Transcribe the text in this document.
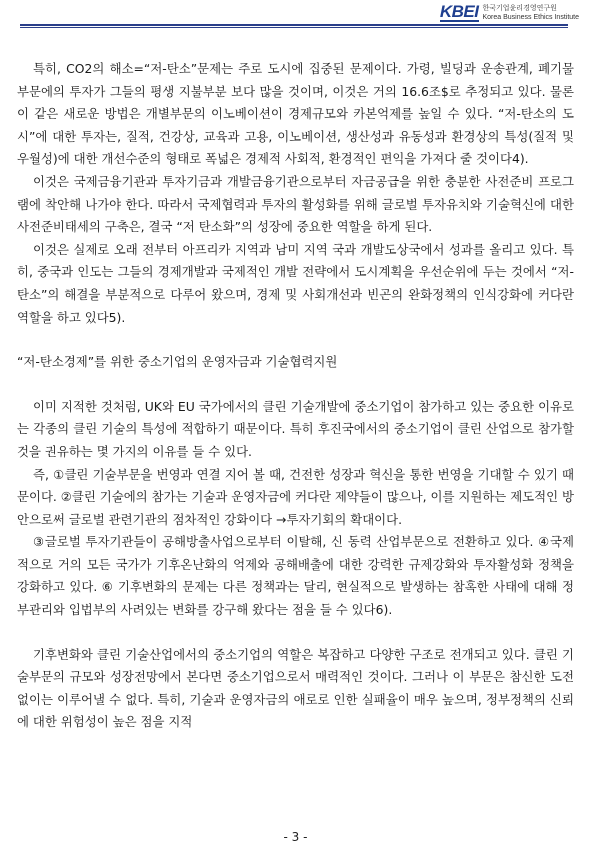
KBEI 한국기업윤리경영연구원
Korea Business Ethics Institute

특히, CO2의 해소=“저-탄소”문제는 주로 도시에 집중된 문제이다. 가령, 빌딩과 운송관계, 폐기물 부문에의 투자가 그들의 평생 지불부분 보다 많을 것이며, 이것은 거의 16.6조$로 추정되고 있다. 물론 이 같은 새로운 방법은 개별부문의 이노베이션이 경제규모와 카본억제를 높일 수 있다. “저-탄소의 도시”에 대한 투자는, 질적, 건강상, 교육과 고용, 이노베이션, 생산성과 유동성과 환경상의 특성(질적 및 우월성)에 대한 개선수준의 형태로 폭넓은 경제적 사회적, 환경적인 편익을 가져다 줄 것이다4).

이것은 국제금융기관과 투자기금과 개발금융기관으로부터 자금공급을 위한 충분한 사전준비 프로그램에 착안해 나가야 한다. 따라서 국제협력과 투자의 활성화를 위해 글로벌 투자유치와 기술혁신에 대한 사전준비태세의 구축은, 결국 “저 탄소화”의 성장에 중요한 역할을 하게 된다.

이것은 실제로 오래 전부터 아프리카 지역과 남미 지역 국과 개발도상국에서 성과를 올리고 있다. 특히, 중국과 인도는 그들의 경제개발과 국제적인 개발 전략에서 도시계획을 우선순위에 두는 것에서 “저-탄소”의 해결을 부분적으로 다루어 왔으며, 경제 및 사회개선과 빈곤의 완화정책의 인식강화에 커다란 역할을 하고 있다5).

“저-탄소경제”를 위한 중소기업의 운영자금과 기술협력지원

이미 지적한 것처럼, UK와 EU 국가에서의 클린 기술개발에 중소기업이 참가하고 있는 중요한 이유로는 각종의 클린 기술의 특성에 적합하기 때문이다. 특히 후진국에서의 중소기업이 클린 산업으로 참가할 것을 권유하는 몇 가지의 이유를 들 수 있다.

즉, ①클린 기술부문을 번영과 연결 지어 볼 때, 건전한 성장과 혁신을 통한 번영을 기대할 수 있기 때문이다. ②클린 기술에의 참가는 기술과 운영자금에 커다란 제약들이 많으나, 이를 지원하는 제도적인 방안으로써 글로벌 관련기관의 점차적인 강화이다 →투자기회의 확대이다.

③글로벌 투자기관들이 공해방출사업으로부터 이탈해, 신 동력 산업부문으로 전환하고 있다. ④국제적으로 거의 모든 국가가 기후온난화의 억제와 공해배출에 대한 강력한 규제강화와 투자활성화 정책을 강화하고 있다. ⑥ 기후변화의 문제는 다른 정책과는 달리, 현실적으로 발생하는 참혹한 사태에 대해 정부관리와 입법부의 사려있는 변화를 강구해 왔다는 점을 들 수 있다6).

기후변화와 클린 기술산업에서의 중소기업의 역할은 복잡하고 다양한 구조로 전개되고 있다. 클린 기술부문의 규모와 성장전망에서 본다면 중소기업으로서 매력적인 것이다. 그러나 이 부문은 참신한 도전 없이는 이루어낼 수 없다. 특히, 기술과 운영자금의 애로로 인한 실패율이 매우 높으며, 정부정책의 신뢰에 대한 위험성이 높은 점을 지적

- 3 -
